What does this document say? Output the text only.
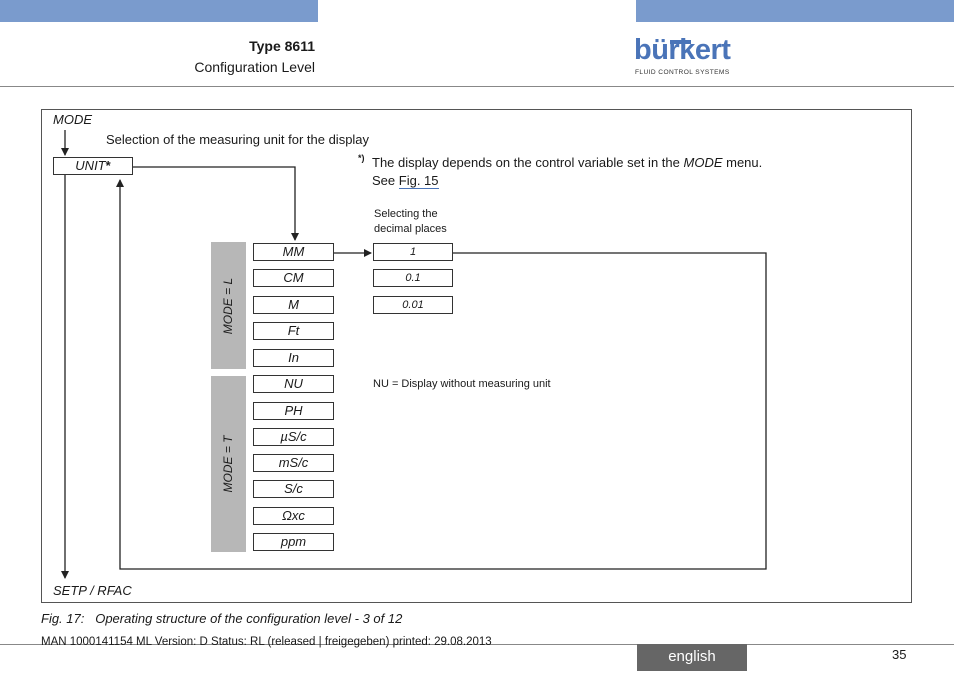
Type 8611
Configuration Level
bürkert
FLUID CONTROL SYSTEMS
MODE
Selection of the measuring unit for the display
UNIT*	*) The display depends on the control variable set in the MODE menu.
See Fig. 15
Selecting the
decimal places
MODE = L
MODE = T
MM
CM
M
Ft
In
NU
PH
µS/c
mS/c
S/c
Ωxc
ppm
1
0.1
0.01
NU = Display without measuring unit
SETP / RFAC
Fig. 17: Operating structure of the configuration level - 3 of 12
MAN 1000141154 ML Version: D Status: RL (released | freigegeben) printed: 29.08.2013
english	35
